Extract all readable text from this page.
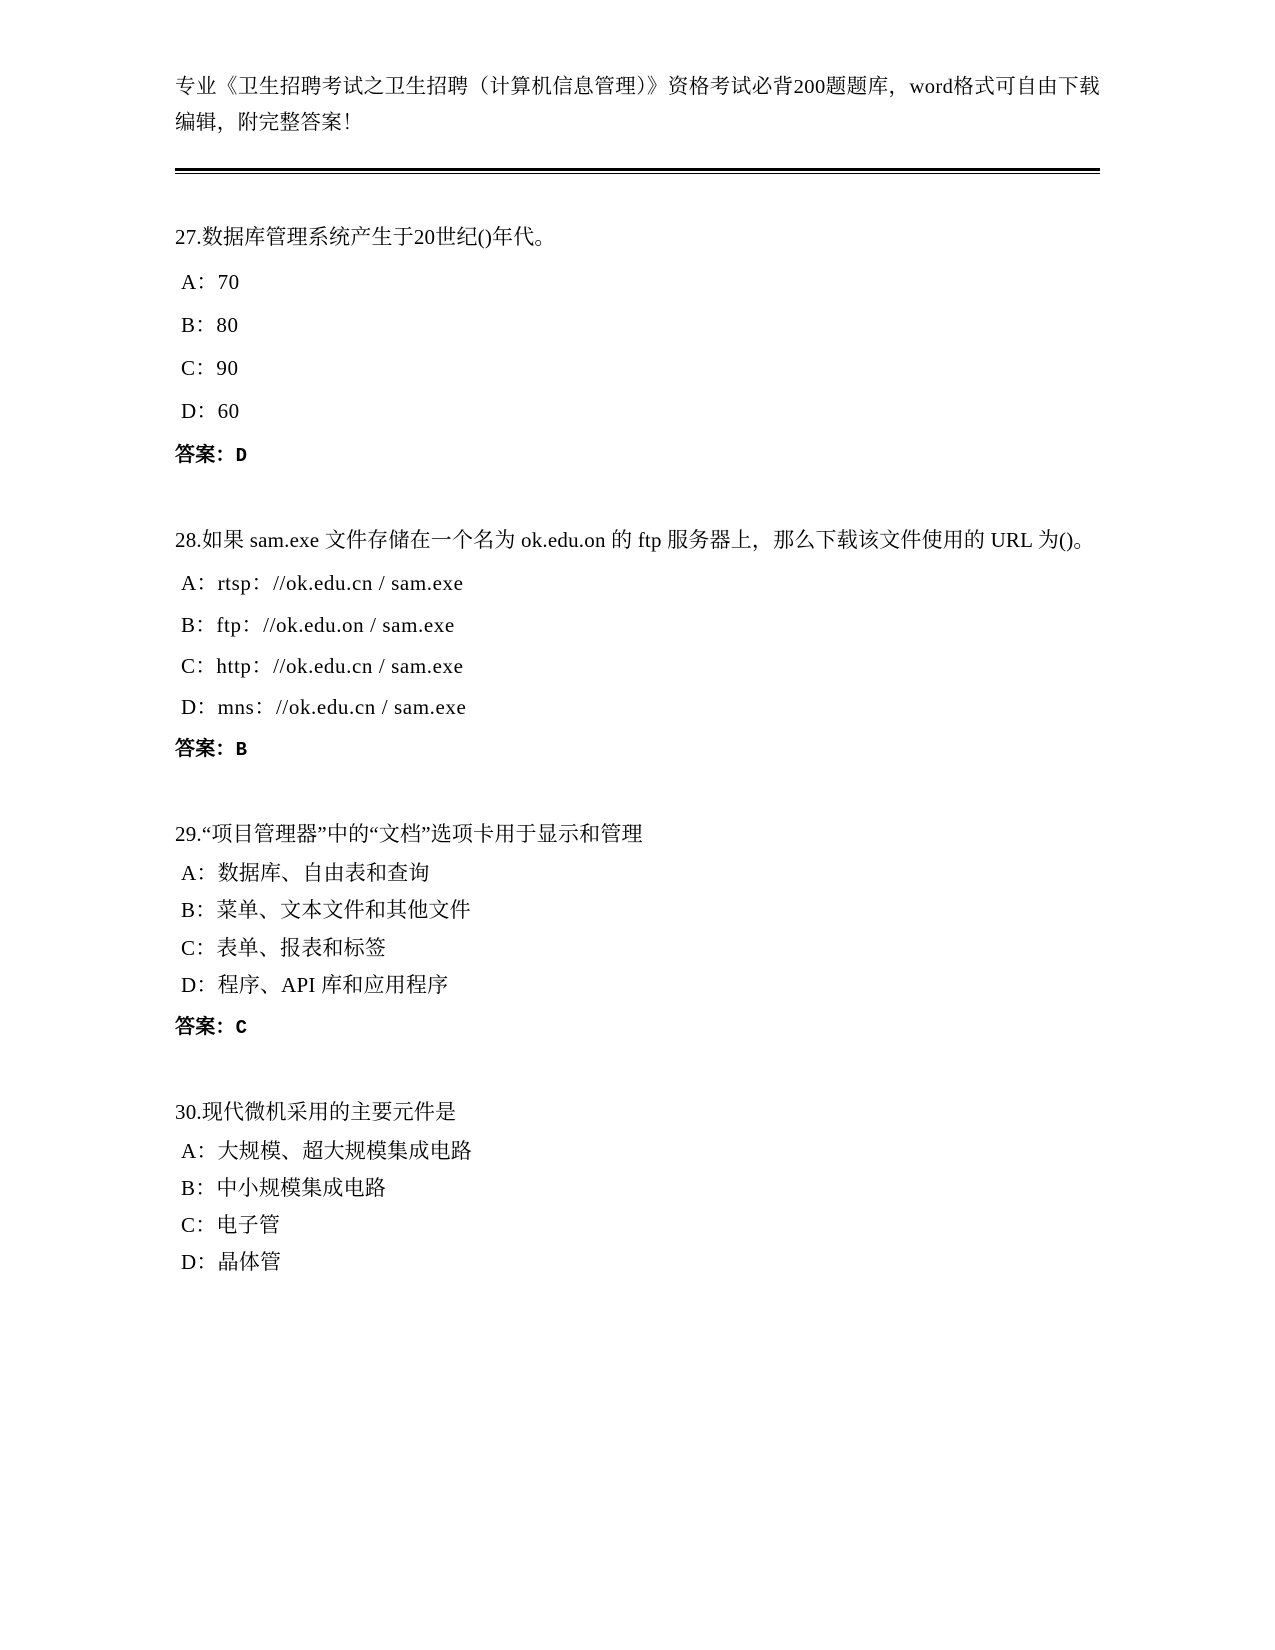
专业《卫生招聘考试之卫生招聘（计算机信息管理）》资格考试必背200题题库，word格式可自由下载编辑，附完整答案！

27.数据库管理系统产生于20世纪()年代。

A：70

B：80

C：90

D：60

答案：D

28.如果 sam.exe 文件存储在一个名为 ok.edu.on 的 ftp 服务器上，那么下载该文件使用的 URL 为()。

A：rtsp：//ok.edu.cn / sam.exe

B：ftp：//ok.edu.on / sam.exe

C：http：//ok.edu.cn / sam.exe

D：mns：//ok.edu.cn / sam.exe

答案：B

29.“项目管理器”中的“文档”选项卡用于显示和管理

A：数据库、自由表和查询

B：菜单、文本文件和其他文件

C：表单、报表和标签

D：程序、API 库和应用程序

答案：C

30.现代微机采用的主要元件是

A：大规模、超大规模集成电路

B：中小规模集成电路

C：电子管

D：晶体管
